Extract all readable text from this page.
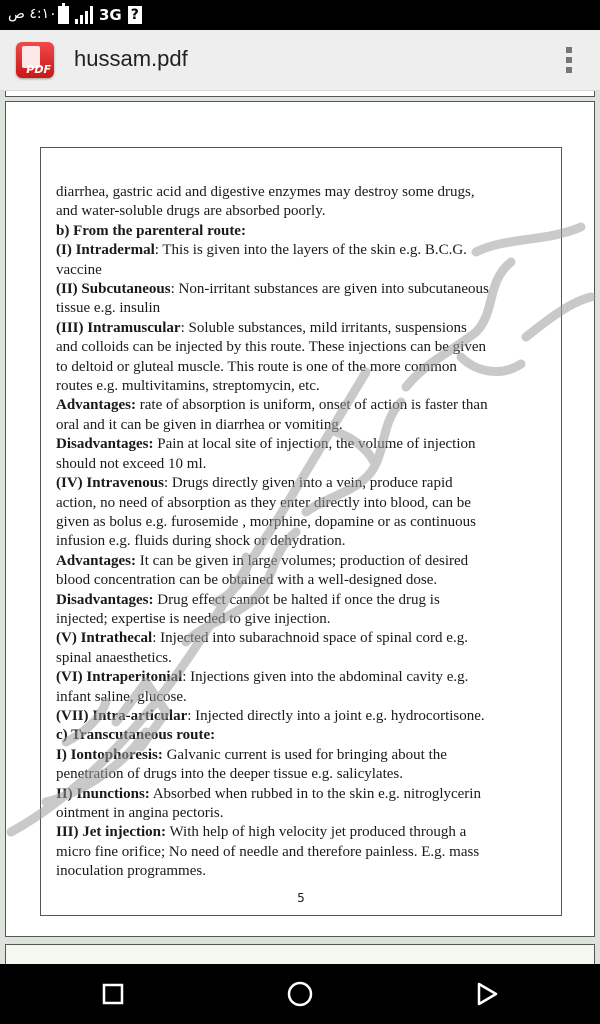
٤:١٠ ص	3G ?
PDF hussam.pdf

diarrhea, gastric acid and digestive enzymes may destroy some drugs,

and water-soluble drugs are absorbed poorly.

b) From the parenteral route:

(I) Intradermal: This is given into the layers of the skin e.g. B.C.G.

vaccine

(II) Subcutaneous: Non-irritant substances are given into subcutaneous

tissue e.g. insulin

(III) Intramuscular: Soluble substances, mild irritants, suspensions

and colloids can be injected by this route. These injections can be given

to deltoid or gluteal muscle. This route is one of the more common

routes e.g. multivitamins, streptomycin, etc.

Advantages: rate of absorption is uniform, onset of action is faster than

oral and it can be given in diarrhea or vomiting.

Disadvantages: Pain at local site of injection, the volume of injection

should not exceed 10 ml.

(IV) Intravenous: Drugs directly given into a vein, produce rapid

action, no need of absorption as they enter directly into blood, can be

given as bolus e.g. furosemide , morphine, dopamine or as continuous

infusion e.g. fluids during shock or dehydration.

Advantages: It can be given in large volumes; production of desired

blood concentration can be obtained with a well-designed dose.

Disadvantages: Drug effect cannot be halted if once the drug is

injected; expertise is needed to give injection.

(V) Intrathecal: Injected into subarachnoid space of spinal cord e.g.

spinal anaesthetics.

(VI) Intraperitonial: Injections given into the abdominal cavity e.g.

infant saline, glucose.

(VII) Intra-articular: Injected directly into a joint e.g. hydrocortisone.

c) Transcutaneous route:

I) Iontophoresis: Galvanic current is used for bringing about the

penetration of drugs into the deeper tissue e.g. salicylates.

II) Inunctions: Absorbed when rubbed in to the skin e.g. nitroglycerin

ointment in angina pectoris.

III) Jet injection: With help of high velocity jet produced through a

micro fine orifice; No need of needle and therefore painless. E.g. mass

inoculation programmes.

5
